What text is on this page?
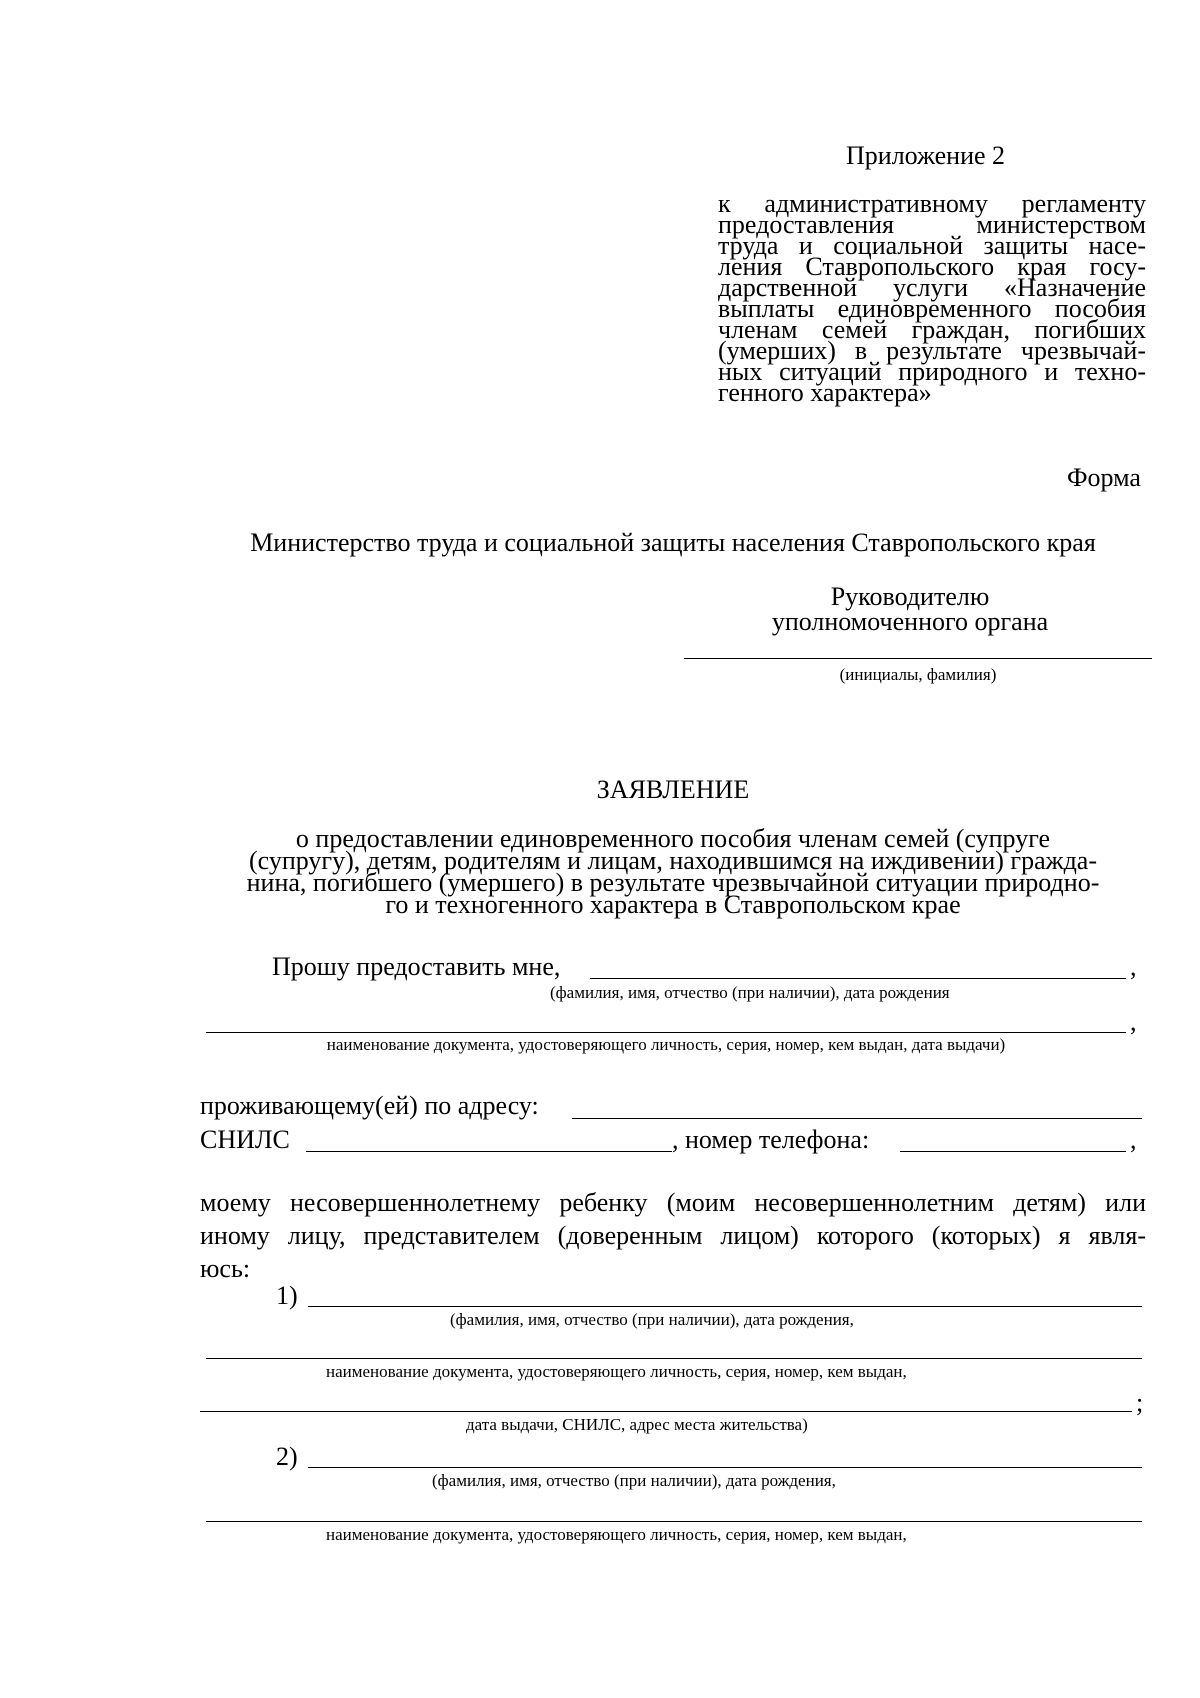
Приложение 2
к административному регламенту
предоставления министерством
труда и социальной защиты насе-
ления Ставропольского края госу-
дарственной услуги «Назначение
выплаты единовременного пособия
членам семей граждан, погибших
(умерших) в результате чрезвычай-
ных ситуаций природного и техно-
генного характера»
Форма
Министерство труда и социальной защиты населения Ставропольского края
Руководителю
уполномоченного органа
(инициалы, фамилия)
ЗАЯВЛЕНИЕ
о предоставлении единовременного пособия членам семей (супруге
(супругу), детям, родителям и лицам, находившимся на иждивении) гражда-
нина, погибшего (умершего) в результате чрезвычайной ситуации природно-
го и техногенного характера в Ставропольском крае
Прошу предоставить мне,	,
(фамилия, имя, отчество (при наличии), дата рождения
,
наименование документа, удостоверяющего личность, серия, номер, кем выдан, дата выдачи)
проживающему(ей) по адресу:
СНИЛС	, номер телефона:	,
моему несовершеннолетнему ребенку (моим несовершеннолетним детям) или
иному лицу, представителем (доверенным лицом) которого (которых) я явля-
юсь:
1)
(фамилия, имя, отчество (при наличии), дата рождения,
наименование документа, удостоверяющего личность, серия, номер, кем выдан,
;
дата выдачи, СНИЛС, адрес места жительства)
2)
(фамилия, имя, отчество (при наличии), дата рождения,
наименование документа, удостоверяющего личность, серия, номер, кем выдан,
